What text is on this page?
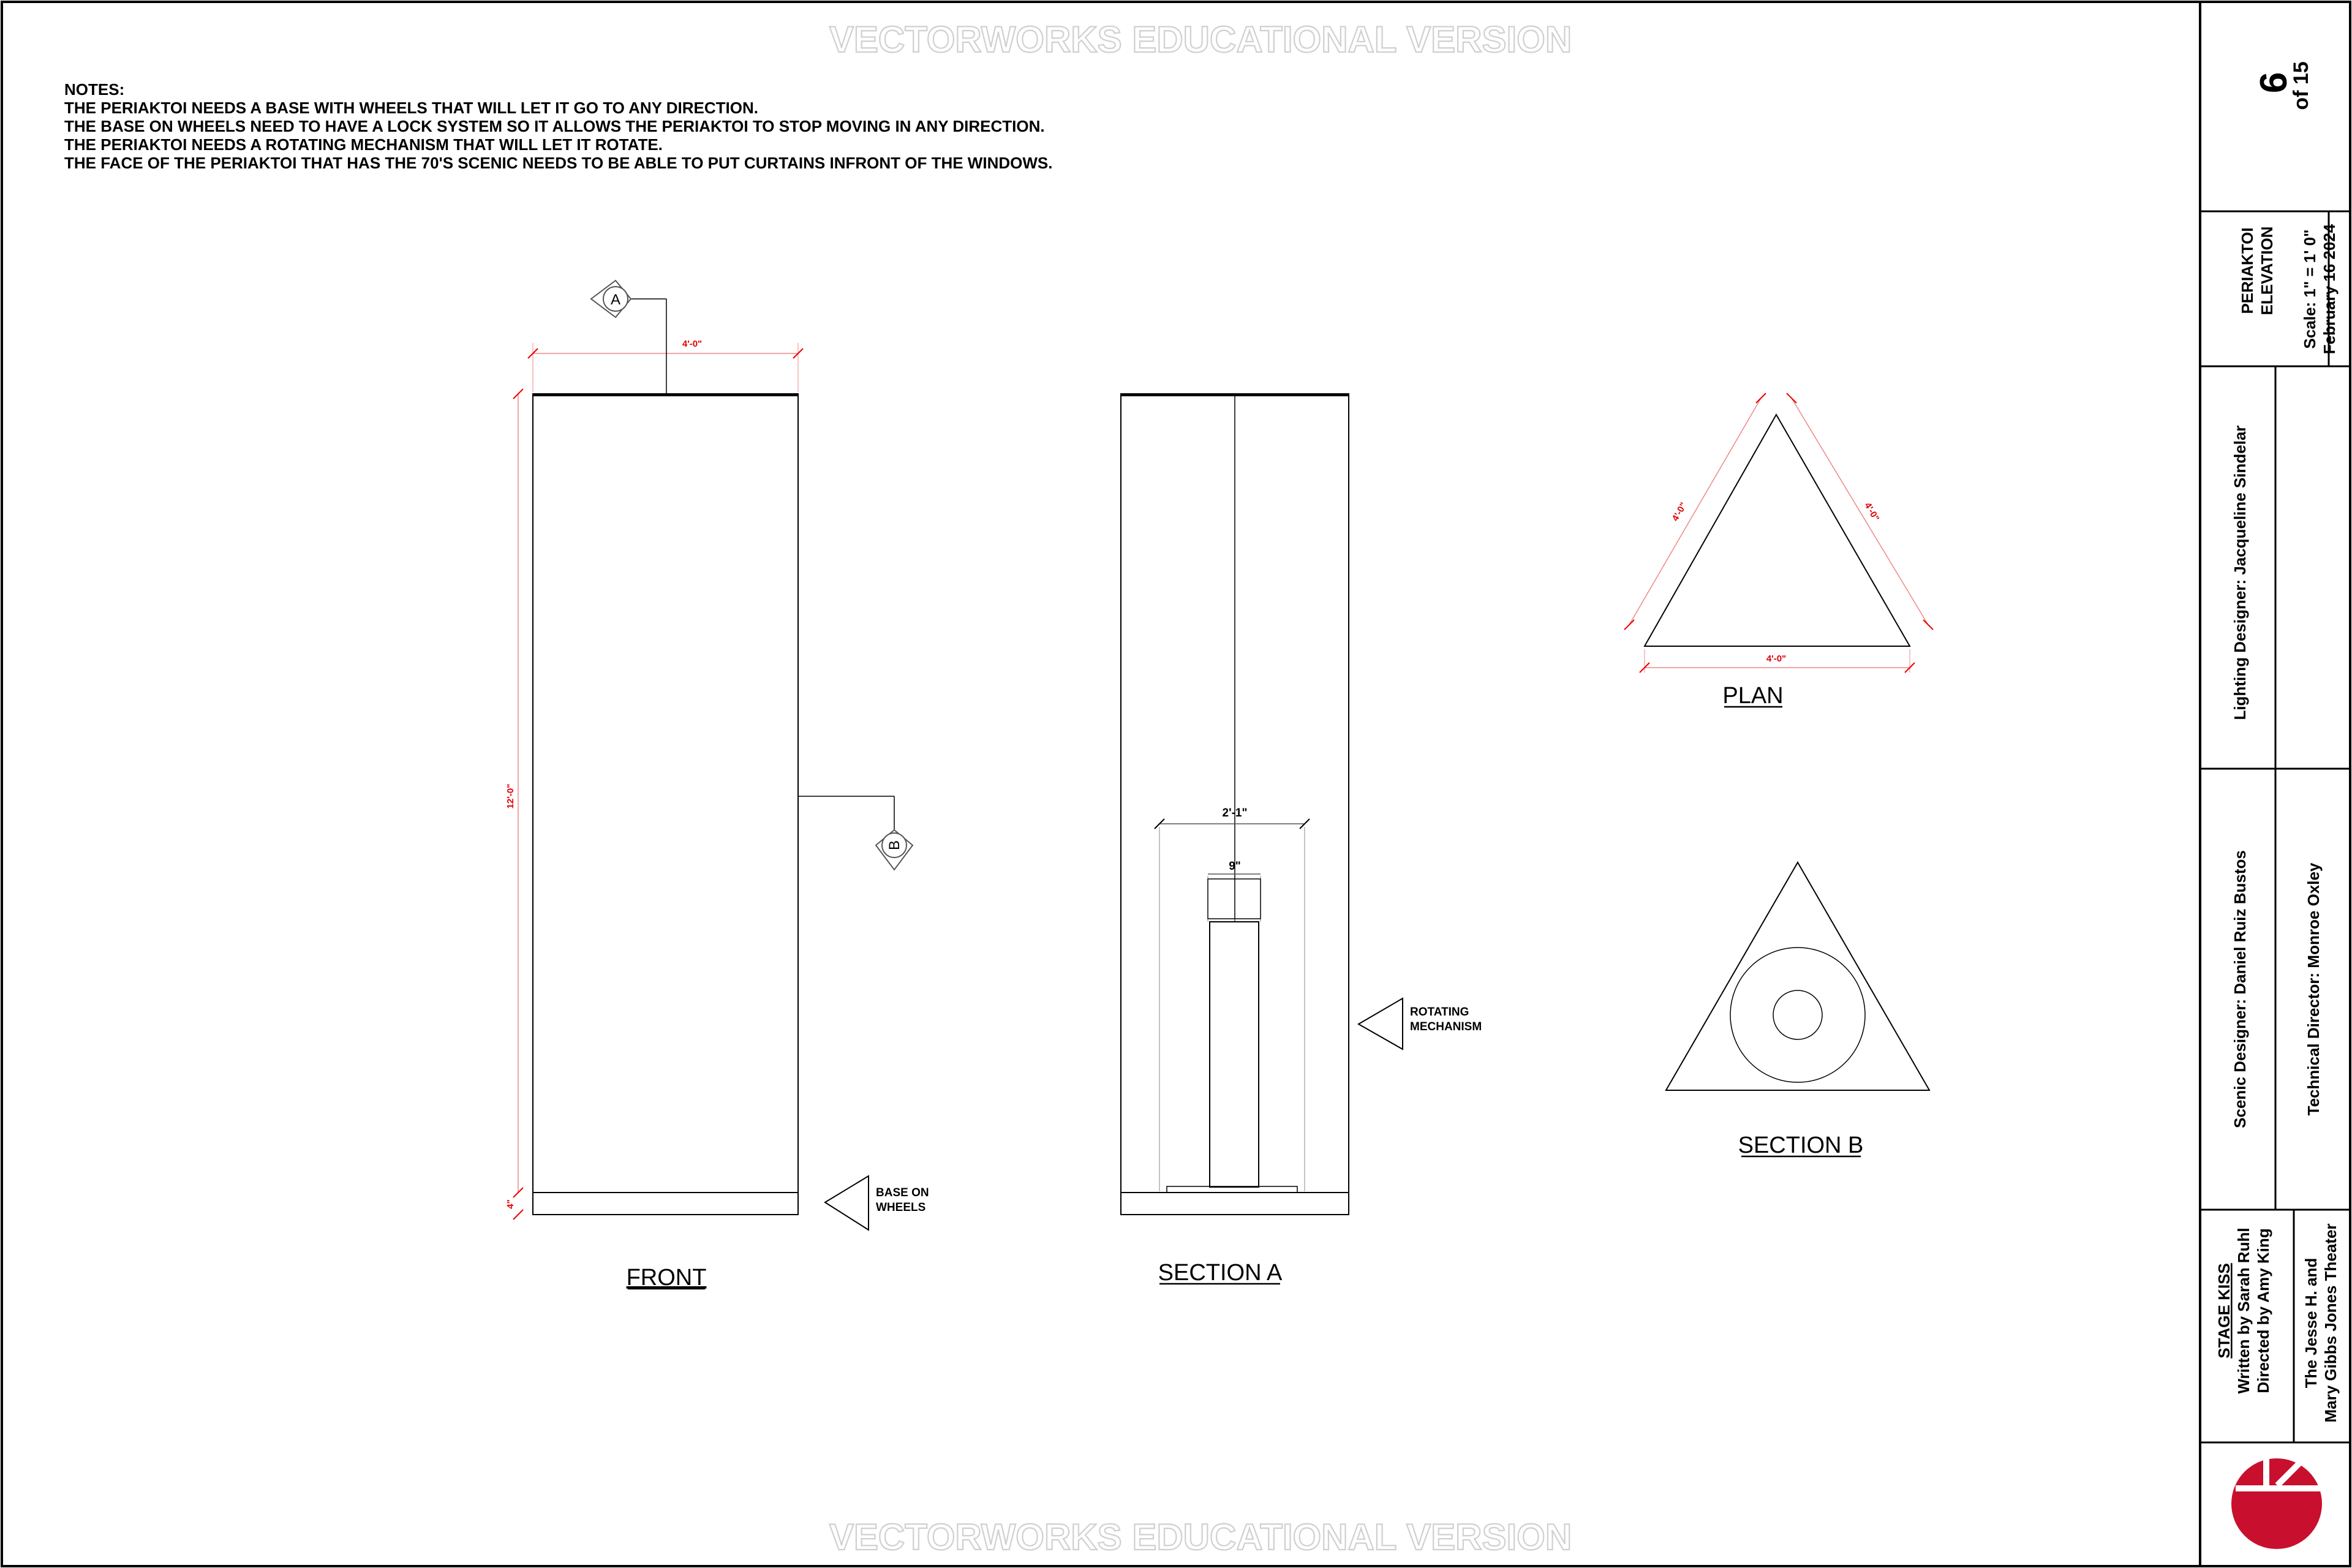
VECTORWORKS EDUCATIONAL VERSION
VECTORWORKS EDUCATIONAL VERSION
NOTES:
THE PERIAKTOI NEEDS A BASE WITH WHEELS THAT WILL LET IT GO TO ANY DIRECTION.
THE BASE ON WHEELS NEED TO HAVE A LOCK SYSTEM SO IT ALLOWS THE PERIAKTOI TO STOP MOVING IN ANY DIRECTION.
THE PERIAKTOI NEEDS A ROTATING MECHANISM THAT WILL LET IT ROTATE.
THE FACE OF THE PERIAKTOI THAT HAS THE 70'S SCENIC NEEDS TO BE ABLE TO PUT CURTAINS INFRONT OF THE WINDOWS.
4'-0"
12'-0"
4"
A
B
BASE ON
WHEELS
FRONT
2'-1"
9"
ROTATING
MECHANISM
SECTION A
4'-0"	4'-0"
4'-0"
PLAN
SECTION B
9
of 15
PERIAKTOI ELEVATION Scale: 1" = 1' 0" February 16 2024
Lighting Designer: Jacqueline Sindelar
Scenic Designer: Daniel Ruiz Bustos	Technical Director: Monroe Oxley
STAGE KISS Written by Sarah Ruhl Directed by Amy King The Jesse H. and Mary Gibbs Jones Theater
